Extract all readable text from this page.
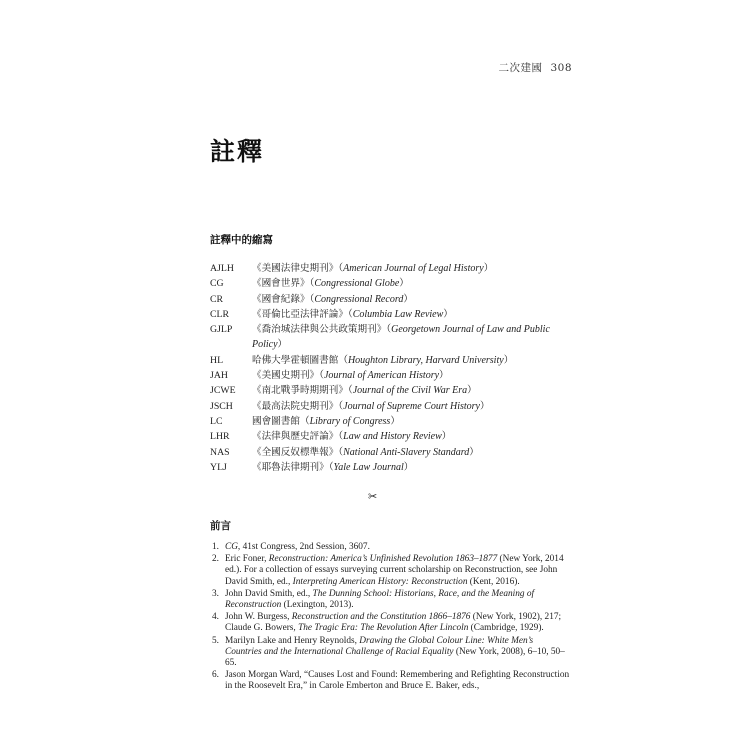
二次建國 308
註釋
註釋中的縮寫
AJLH	《美國法律史期刊》（American Journal of Legal History）
CG	《國會世界》（Congressional Globe）
CR	《國會紀錄》（Congressional Record）
CLR	《哥倫比亞法律評論》（Columbia Law Review）
GJLP	《喬治城法律與公共政策期刊》（Georgetown Journal of Law and Public Policy）
HL	哈佛大學霍頓圖書館（Houghton Library, Harvard University）
JAH	《美國史期刊》（Journal of American History）
JCWE	《南北戰爭時期期刊》（Journal of the Civil War Era）
JSCH	《最高法院史期刊》（Journal of Supreme Court History）
LC	國會圖書館（Library of Congress）
LHR	《法律與歷史評論》（Law and History Review）
NAS	《全國反奴標準報》（National Anti-Slavery Standard）
YLJ	《耶魯法律期刊》（Yale Law Journal）
✂
前言
1. CG, 41st Congress, 2nd Session, 3607.
2. Eric Foner, Reconstruction: America’s Unfinished Revolution 1863–1877 (New York, 2014 ed.). For a collection of essays surveying current scholarship on Reconstruction, see John David Smith, ed., Interpreting American History: Reconstruction (Kent, 2016).
3. John David Smith, ed., The Dunning School: Historians, Race, and the Meaning of Reconstruction (Lexington, 2013).
4. John W. Burgess, Reconstruction and the Constitution 1866–1876 (New York, 1902), 217; Claude G. Bowers, The Tragic Era: The Revolution After Lincoln (Cambridge, 1929).
5. Marilyn Lake and Henry Reynolds, Drawing the Global Colour Line: White Men’s Countries and the International Challenge of Racial Equality (New York, 2008), 6–10, 50–65.
6. Jason Morgan Ward, “Causes Lost and Found: Remembering and Refighting Reconstruction in the Roosevelt Era,” in Carole Emberton and Bruce E. Baker, eds.,
